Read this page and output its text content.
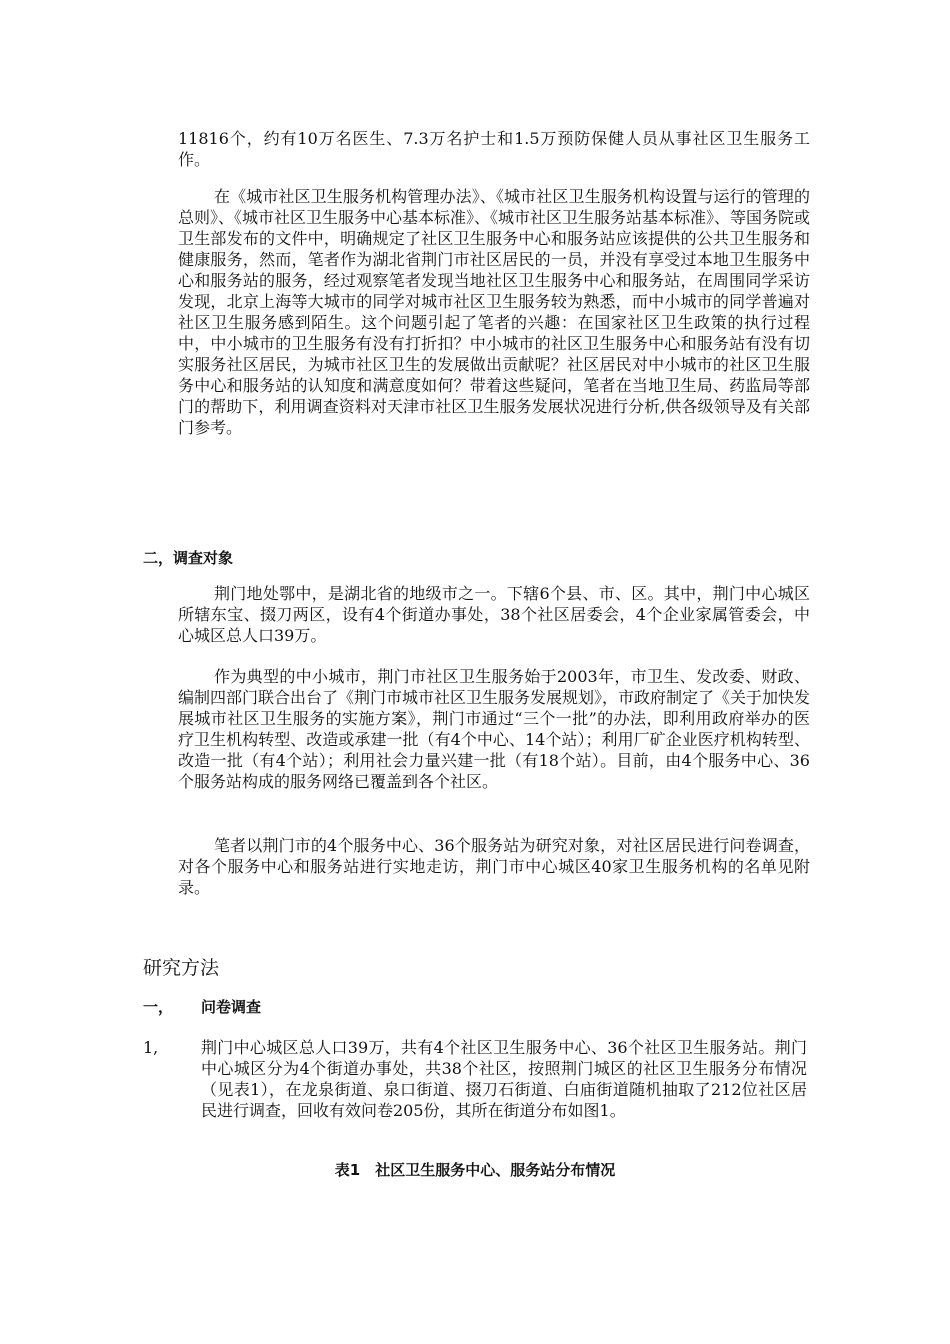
11816个，约有10万名医生、7.3万名护士和1.5万预防保健人员从事社区卫生服务工作。

在《城市社区卫生服务机构管理办法》、《城市社区卫生服务机构设置与运行的管理的总则》、《城市社区卫生服务中心基本标准》、《城市社区卫生服务站基本标准》、等国务院或卫生部发布的文件中，明确规定了社区卫生服务中心和服务站应该提供的公共卫生服务和健康服务，然而，笔者作为湖北省荆门市社区居民的一员，并没有享受过本地卫生服务中心和服务站的服务，经过观察笔者发现当地社区卫生服务中心和服务站，在周围同学采访发现，北京上海等大城市的同学对城市社区卫生服务较为熟悉，而中小城市的同学普遍对社区卫生服务感到陌生。这个问题引起了笔者的兴趣：在国家社区卫生政策的执行过程中，中小城市的卫生服务有没有打折扣？中小城市的社区卫生服务中心和服务站有没有切实服务社区居民，为城市社区卫生的发展做出贡献呢？社区居民对中小城市的社区卫生服务中心和服务站的认知度和满意度如何？带着这些疑问，笔者在当地卫生局、药监局等部门的帮助下，利用调查资料对天津市社区卫生服务发展状况进行分析,供各级领导及有关部门参考。

二，调查对象

荆门地处鄂中，是湖北省的地级市之一。下辖6个县、市、区。其中，荆门中心城区所辖东宝、掇刀两区，设有4个街道办事处，38个社区居委会，4个企业家属管委会，中心城区总人口39万。

作为典型的中小城市，荆门市社区卫生服务始于2003年，市卫生、发改委、财政、编制四部门联合出台了《荆门市城市社区卫生服务发展规划》，市政府制定了《关于加快发展城市社区卫生服务的实施方案》，荆门市通过“三个一批”的办法，即利用政府举办的医疗卫生机构转型、改造或承建一批（有4个中心、14个站）；利用厂矿企业医疗机构转型、改造一批（有4个站）；利用社会力量兴建一批（有18个站）。目前，由4个服务中心、36个服务站构成的服务网络已覆盖到各个社区。

笔者以荆门市的4个服务中心、36个服务站为研究对象，对社区居民进行问卷调查，对各个服务中心和服务站进行实地走访，荆门市中心城区40家卫生服务机构的名单见附录。

研究方法
一， 问卷调查
1,	荆门中心城区总人口39万，共有4个社区卫生服务中心、36个社区卫生服务站。荆门中心城区分为4个街道办事处，共38个社区，按照荆门城区的社区卫生服务分布情况（见表1），在龙泉街道、泉口街道、掇刀石街道、白庙街道随机抽取了212位社区居民进行调查，回收有效问卷205份，其所在街道分布如图1。

表1　社区卫生服务中心、服务站分布情况
